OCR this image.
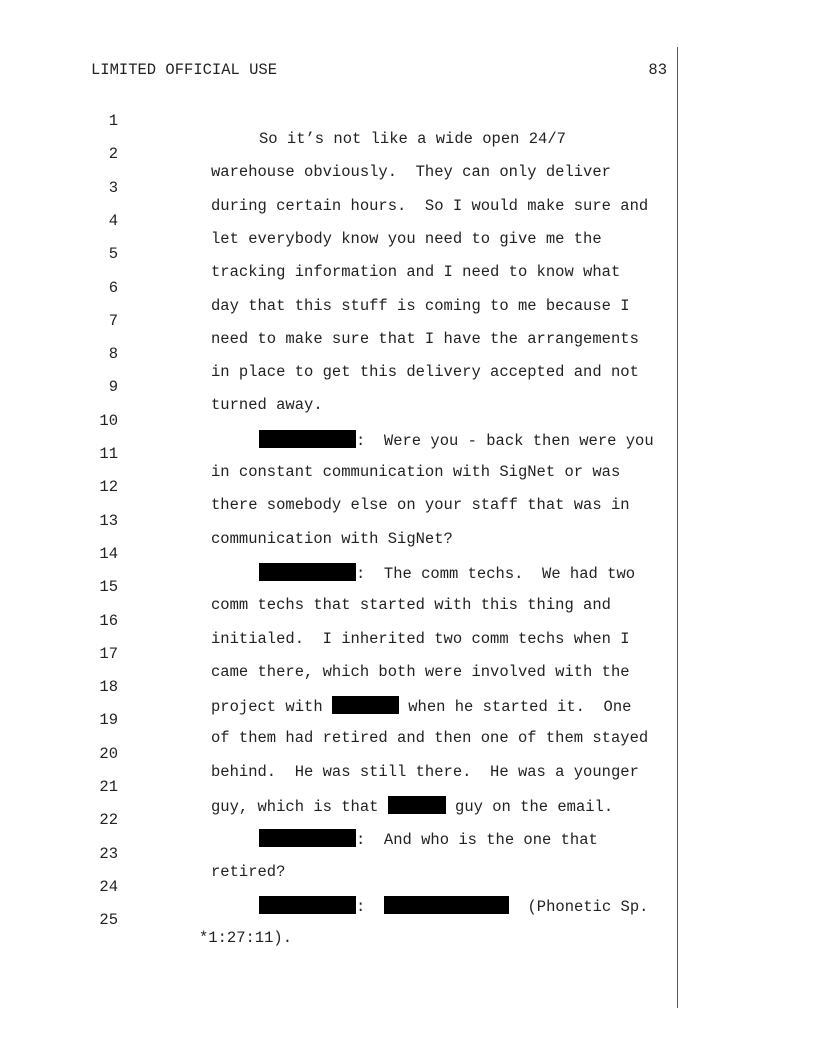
LIMITED OFFICIAL USE	83

1

So it’s not like a wide open 24/7

2

warehouse obviously.  They can only deliver

3

during certain hours.  So I would make sure and

4

let everybody know you need to give me the

5

tracking information and I need to know what

6

day that this stuff is coming to me because I

7

need to make sure that I have the arrangements

8

in place to get this delivery accepted and not

9

turned away.

10

:  Were you - back then were you

11

in constant communication with SigNet or was

12

there somebody else on your staff that was in

13

communication with SigNet?

14

:  The comm techs.  We had two

15

comm techs that started with this thing and

16

initialed.  I inherited two comm techs when I

17

came there, which both were involved with the

18

project with	when he started it.  One

19

of them had retired and then one of them stayed

20

behind.  He was still there.  He was a younger

21

guy, which is that	guy on the email.

22

:  And who is the one that

23

retired?

24

:	(Phonetic Sp.

25

*1:27:11).
